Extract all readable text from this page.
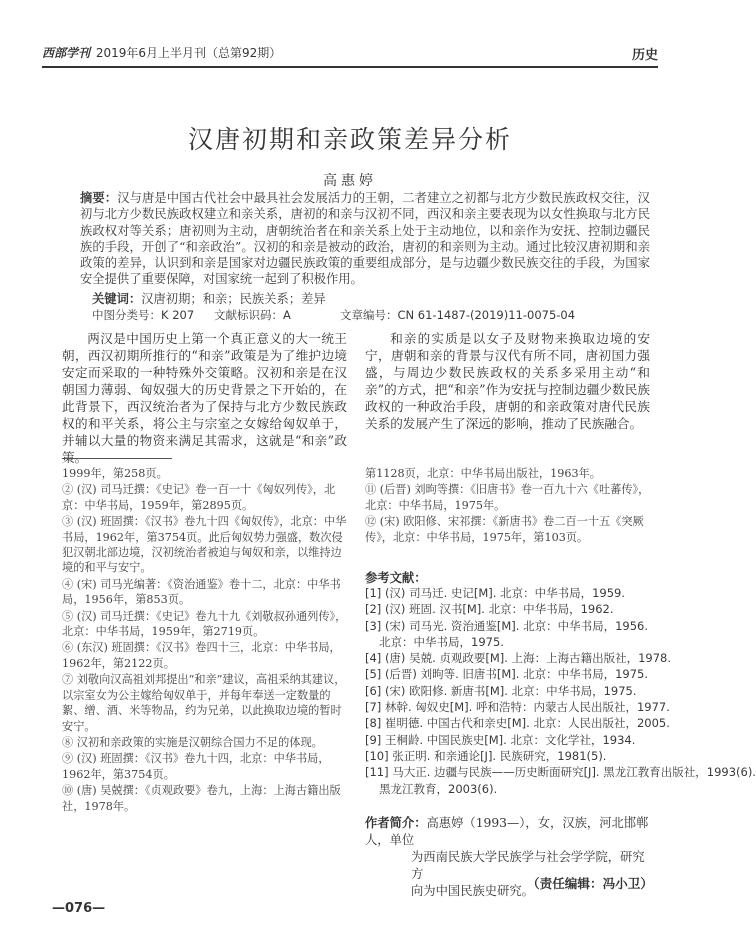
西部学刊 2019年6月上半月刊（总第92期）	历史
汉唐初期和亲政策差异分析
高惠婷
摘要：汉与唐是中国古代社会中最具社会发展活力的王朝，二者建立之初都与北方少数民族政权交往，汉初与北方少数民族政权建立和亲关系，唐初的和亲与汉初不同，西汉和亲主要表现为以女性换取与北方民族政权对等关系；唐初则为主动，唐朝统治者在和亲关系上处于主动地位，以和亲作为安抚、控制边疆民族的手段，开创了“和亲政治”。汉初的和亲是被动的政治，唐初的和亲则为主动。通过比较汉唐初期和亲政策的差异，认识到和亲是国家对边疆民族政策的重要组成部分，是与边疆少数民族交往的手段，为国家安全提供了重要保障，对国家统一起到了积极作用。
关键词：汉唐初期；和亲；民族关系；差异
中图分类号：K 207 文献标识码：A	文章编号：CN 61-1487-(2019)11-0075-04

两汉是中国历史上第一个真正意义的大一统王朝，西汉初期所推行的“和亲”政策是为了维护边境安定而采取的一种特殊外交策略。汉初和亲是在汉朝国力薄弱、匈奴强大的历史背景之下开始的，在此背景下，西汉统治者为了保持与北方少数民族政权的和平关系，将公主与宗室之女嫁给匈奴单于，并辅以大量的物资来满足其需求，这就是“和亲”政策。

和亲的实质是以女子及财物来换取边境的安宁，唐朝和亲的背景与汉代有所不同，唐初国力强盛，与周边少数民族政权的关系多采用主动“和亲”的方式，把“和亲”作为安抚与控制边疆少数民族政权的一种政治手段，唐朝的和亲政策对唐代民族关系的发展产生了深远的影响，推动了民族融合。

1999年，第258页。
② (汉) 司马迁撰：《史记》卷一百一十《匈奴列传》，北京：中华书局，1959年，第2895页。
③ (汉) 班固撰：《汉书》卷九十四《匈奴传》，北京：中华书局，1962年，第3754页。此后匈奴势力强盛，数次侵犯汉朝北部边境，汉初统治者被迫与匈奴和亲，以维持边境的和平与安宁。
④ (宋) 司马光编著：《资治通鉴》卷十二，北京：中华书局，1956年，第853页。
⑤ (汉) 司马迁撰：《史记》卷九十九《刘敬叔孙通列传》，北京：中华书局，1959年，第2719页。
⑥ (东汉) 班固撰：《汉书》卷四十三，北京：中华书局，1962年，第2122页。
⑦ 刘敬向汉高祖刘邦提出“和亲”建议，高祖采纳其建议，以宗室女为公主嫁给匈奴单于，并每年奉送一定数量的絮、缯、酒、米等物品，约为兄弟，以此换取边境的暂时安宁。
⑧ 汉初和亲政策的实施是汉朝综合国力不足的体现。
⑨ (汉) 班固撰：《汉书》卷九十四，北京：中华书局，1962年，第3754页。
⑩ (唐) 吴兢撰：《贞观政要》卷九，上海：上海古籍出版社，1978年。
第1128页，北京：中华书局出版社，1963年。
⑪ (后晋) 刘昫等撰：《旧唐书》卷一百九十六《吐蕃传》，北京：中华书局，1975年。
⑫ (宋) 欧阳修、宋祁撰：《新唐书》卷二百一十五《突厥传》，北京：中华书局，1975年，第103页。
参考文献：
[1] (汉) 司马迁. 史记[M]. 北京：中华书局，1959.
[2] (汉) 班固. 汉书[M]. 北京：中华书局，1962.
[3] (宋) 司马光. 资治通鉴[M]. 北京：中华书局，1956.
北京：中华书局，1975.
[4] (唐) 吴兢. 贞观政要[M]. 上海：上海古籍出版社，1978.
[5] (后晋) 刘昫等. 旧唐书[M]. 北京：中华书局，1975.
[6] (宋) 欧阳修. 新唐书[M]. 北京：中华书局，1975.
[7] 林幹. 匈奴史[M]. 呼和浩特：内蒙古人民出版社，1977.
[8] 崔明德. 中国古代和亲史[M]. 北京：人民出版社，2005.
[9] 王桐龄. 中国民族史[M]. 北京：文化学社，1934.
[10] 张正明. 和亲通论[J]. 民族研究，1981(5).
[11] 马大正. 边疆与民族——历史断面研究[J]. 黑龙江教育出版社，1993(6).
黑龙江教育，2003(6).
作者简介：高惠婷（1993—），女，汉族，河北邯郸人，单位
为西南民族大学民族学与社会学学院，研究方
向为中国民族史研究。
（责任编辑：冯小卫）
—076—
